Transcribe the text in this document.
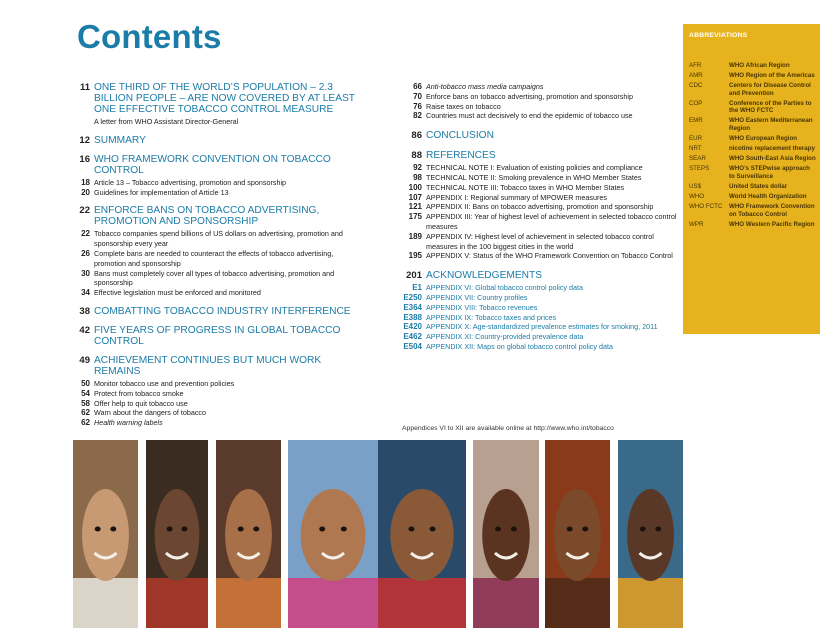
Contents
11 ONE THIRD OF THE WORLD’S POPULATION – 2.3 BILLION PEOPLE – ARE NOW COVERED BY AT LEAST ONE EFFECTIVE TOBACCO CONTROL MEASURE
A letter from WHO Assistant Director-General
12 SUMMARY
16 WHO FRAMEWORK CONVENTION ON TOBACCO CONTROL
18 Article 13 – Tobacco advertising, promotion and sponsorship
20 Guidelines for implementation of Article 13
22 ENFORCE BANS ON TOBACCO ADVERTISING, PROMOTION AND SPONSORSHIP
22 Tobacco companies spend billions of US dollars on advertising, promotion and sponsorship every year
26 Complete bans are needed to counteract the effects of tobacco advertising, promotion and sponsorship
30 Bans must completely cover all types of tobacco advertising, promotion and sponsorship
34 Effective legislation must be enforced and monitored
38 COMBATTING TOBACCO INDUSTRY INTERFERENCE
42 FIVE YEARS OF PROGRESS IN GLOBAL TOBACCO CONTROL
49 ACHIEVEMENT CONTINUES BUT MUCH WORK REMAINS
50 Monitor tobacco use and prevention policies
54 Protect from tobacco smoke
58 Offer help to quit tobacco use
62 Warn about the dangers of tobacco
62 Health warning labels
66 Anti-tobacco mass media campaigns
70 Enforce bans on tobacco advertising, promotion and sponsorship
76 Raise taxes on tobacco
82 Countries must act decisively to end the epidemic of tobacco use
86 CONCLUSION
88 REFERENCES
92 TECHNICAL NOTE I: Evaluation of existing policies and compliance
98 TECHNICAL NOTE II: Smoking prevalence in WHO Member States
100 TECHNICAL NOTE III: Tobacco taxes in WHO Member States
107 APPENDIX I: Regional summary of MPOWER measures
121 APPENDIX II: Bans on tobacco advertising, promotion and sponsorship
175 APPENDIX III: Year of highest level of achievement in selected tobacco control measures
189 APPENDIX IV: Highest level of achievement in selected tobacco control measures in the 100 biggest cities in the world
195 APPENDIX V: Status of the WHO Framework Convention on Tobacco Control
201 ACKNOWLEDGEMENTS
E1 APPENDIX VI: Global tobacco control policy data
E250 APPENDIX VII: Country profiles
E364 APPENDIX VIII: Tobacco revenues
E388 APPENDIX IX: Tobacco taxes and prices
E420 APPENDIX X: Age-standardized prevalence estimates for smoking, 2011
E462 APPENDIX XI: Country-provided prevalence data
E504 APPENDIX XII: Maps on global tobacco control policy data
Appendices VI to XII are available online at http://www.who.int/tobacco
ABBREVIATIONS
AFR	WHO African Region
AMR	WHO Region of the Americas
CDC	Centers for Disease Control and Prevention
COP	Conference of the Parties to the WHO FCTC
EMR	WHO Eastern Mediterranean Region
EUR	WHO European Region
NRT	nicotine replacement therapy
SEAR	WHO South-East Asia Region
STEPS	WHO’s STEPwise approach to Surveillance
US$	United States dollar
WHO	World Health Organization
WHO FCTC	WHO Framework Convention on Tobacco Control
WPR	WHO Western Pacific Region
